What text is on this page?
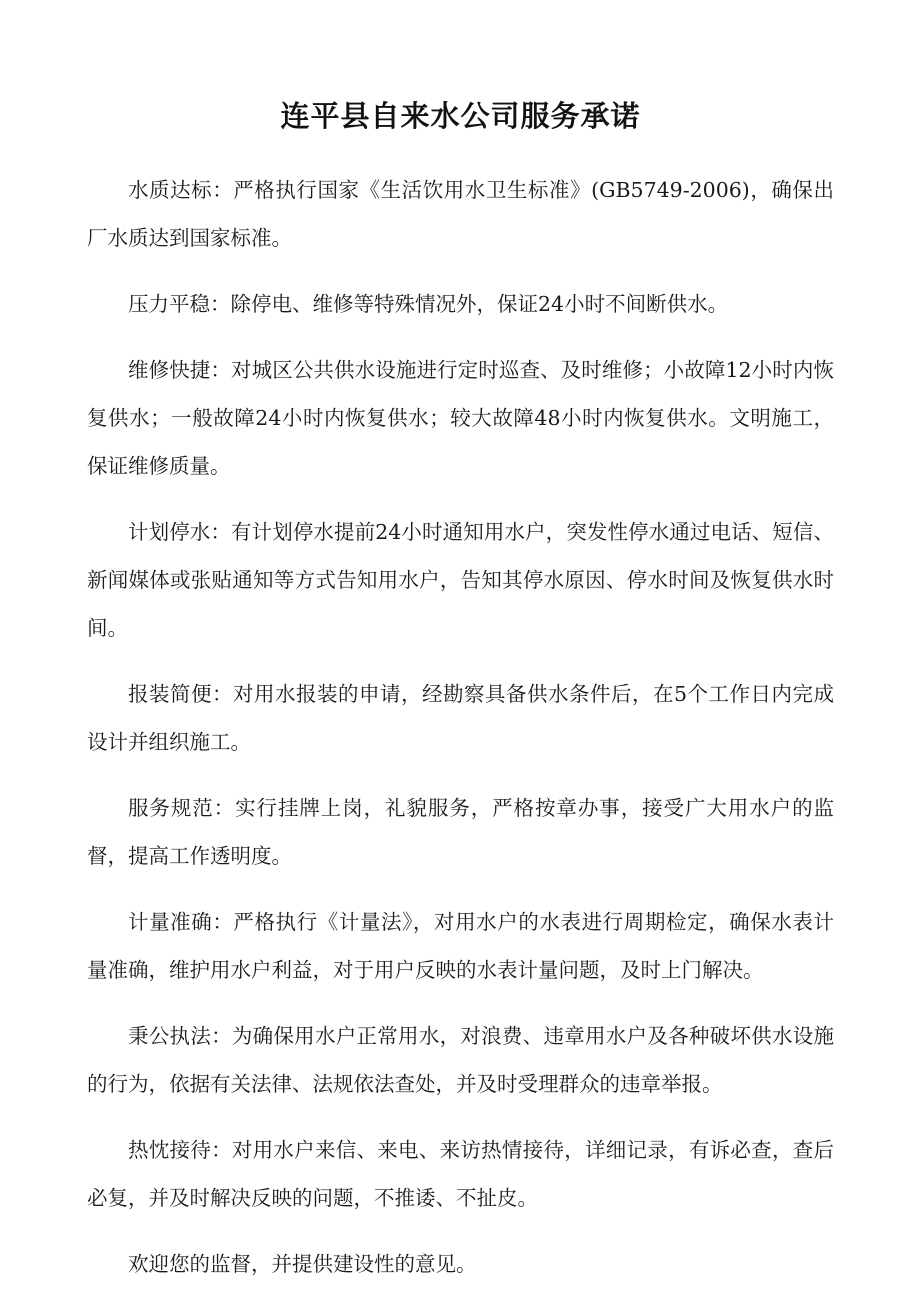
连平县自来水公司服务承诺

水质达标：严格执行国家《生活饮用水卫生标准》(GB5749-2006)，确保出厂水质达到国家标准。

压力平稳：除停电、维修等特殊情况外，保证24小时不间断供水。

维修快捷：对城区公共供水设施进行定时巡查、及时维修；小故障12小时内恢复供水；一般故障24小时内恢复供水；较大故障48小时内恢复供水。文明施工，保证维修质量。

计划停水：有计划停水提前24小时通知用水户，突发性停水通过电话、短信、新闻媒体或张贴通知等方式告知用水户，告知其停水原因、停水时间及恢复供水时间。

报装简便：对用水报装的申请，经勘察具备供水条件后，在5个工作日内完成设计并组织施工。

服务规范：实行挂牌上岗，礼貌服务，严格按章办事，接受广大用水户的监督，提高工作透明度。

计量准确：严格执行《计量法》，对用水户的水表进行周期检定，确保水表计量准确，维护用水户利益，对于用户反映的水表计量问题，及时上门解决。

秉公执法：为确保用水户正常用水，对浪费、违章用水户及各种破坏供水设施的行为，依据有关法律、法规依法查处，并及时受理群众的违章举报。

热忱接待：对用水户来信、来电、来访热情接待，详细记录，有诉必查，查后必复，并及时解决反映的问题，不推诿、不扯皮。

欢迎您的监督，并提供建设性的意见。
